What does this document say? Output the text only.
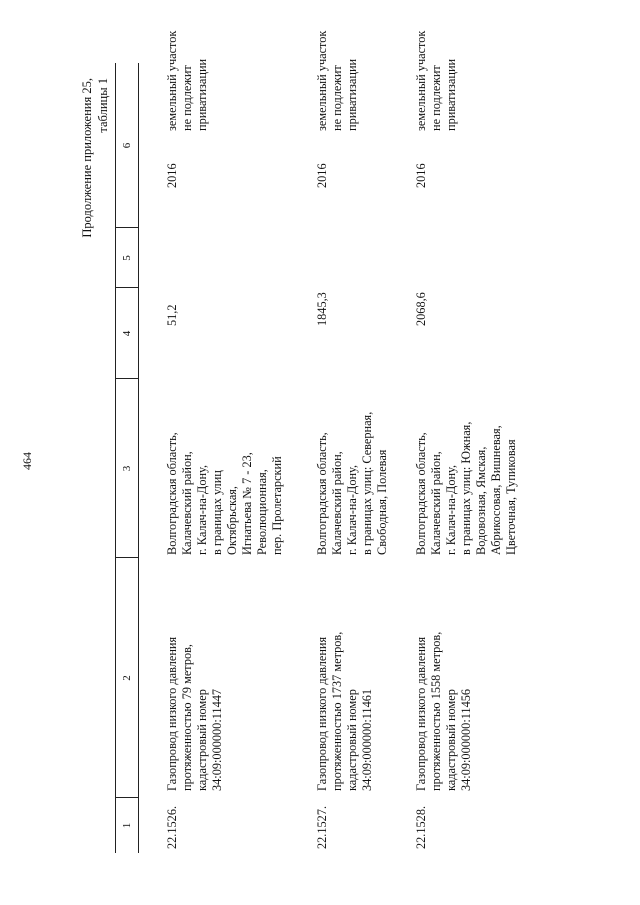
464
Продолжение приложения 25, таблицы 1
1
2
3
4
5
6
22.1526.
Газопровод низкого давления
протяженностью 79 метров,
кадастровый номер
34:09:000000:11447
Волгоградская область,
Калачевский район,
г. Калач-на-Дону,
в границах улиц
Октябрьская,
Игнатьева № 7 - 23,
Революционная,
пер. Пролетарский
51,2
2016
земельный участок
не подлежит
приватизации
22.1527.
Газопровод низкого давления
протяженностью 1737 метров,
кадастровый номер
34:09:000000:11461
Волгоградская область,
Калачевский район,
г. Калач-на-Дону,
в границах улиц: Северная,
Свободная, Полевая
1845,3
2016
земельный участок
не подлежит
приватизации
22.1528.
Газопровод низкого давления
протяженностью 1558 метров,
кадастровый номер
34:09:000000:11456
Волгоградская область,
Калачевский район,
г. Калач-на-Дону,
в границах улиц: Южная,
Водовозная, Ямская,
Абрикосовая, Вишневая,
Цветочная, Тупиковая
2068,6
2016
земельный участок
не подлежит
приватизации
